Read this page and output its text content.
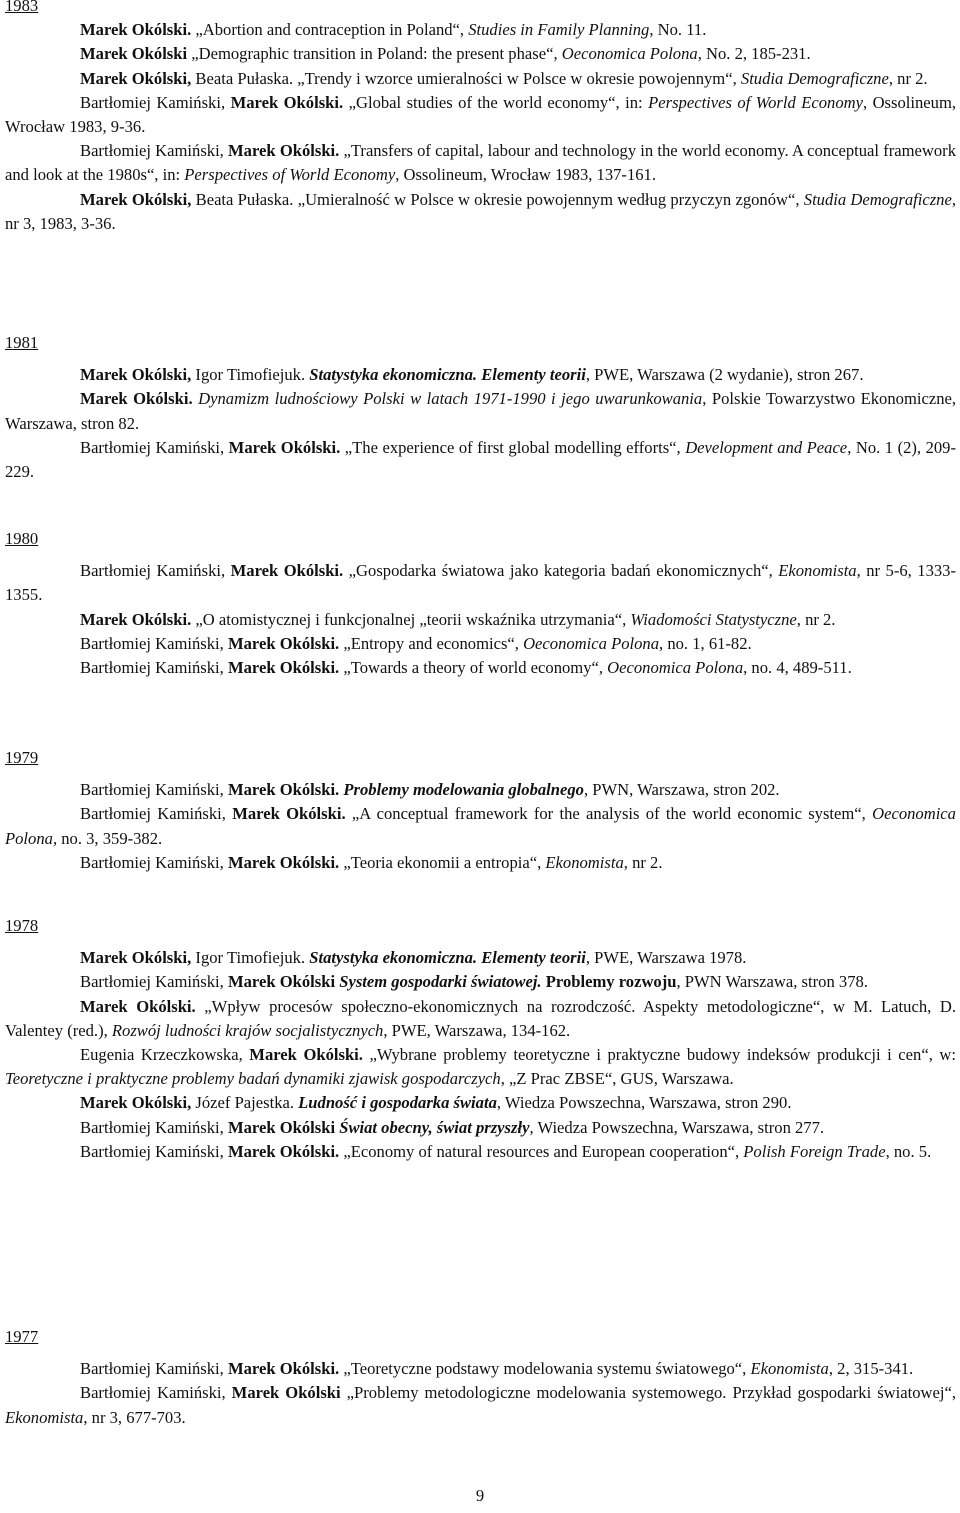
1983

Marek Okólski. „Abortion and contraception in Poland“, Studies in Family Planning, No. 11.

Marek Okólski „Demographic transition in Poland: the present phase“, Oeconomica Polona, No. 2, 185-231.

Marek Okólski, Beata Pułaska. „Trendy i wzorce umieralności w Polsce w okresie powojennym“, Studia Demograficzne, nr 2.

Bartłomiej Kamiński, Marek Okólski. „Global studies of the world economy“, in: Perspectives of World Economy, Ossolineum, Wrocław 1983, 9-36.

Bartłomiej Kamiński, Marek Okólski. „Transfers of capital, labour and technology in the world economy. A conceptual framework and look at the 1980s“, in: Perspectives of World Economy, Ossolineum, Wrocław 1983, 137-161.

Marek Okólski, Beata Pułaska. „Umieralność w Polsce w okresie powojennym według przyczyn zgonów“, Studia Demograficzne, nr 3, 1983, 3-36.

1981

Marek Okólski, Igor Timofiejuk. Statystyka ekonomiczna. Elementy teorii, PWE, Warszawa (2 wydanie), stron 267.

Marek Okólski. Dynamizm ludnościowy Polski w latach 1971-1990 i jego uwarunkowania, Polskie Towarzystwo Ekonomiczne, Warszawa, stron 82.

Bartłomiej Kamiński, Marek Okólski. „The experience of first global modelling efforts“, Development and Peace, No. 1 (2), 209-229.

1980

Bartłomiej Kamiński, Marek Okólski. „Gospodarka światowa jako kategoria badań ekonomicznych“, Ekonomista, nr 5-6, 1333-1355.

Marek Okólski. „O atomistycznej i funkcjonalnej „teorii wskaźnika utrzymania“, Wiadomości Statystyczne, nr 2.

Bartłomiej Kamiński, Marek Okólski. „Entropy and economics“, Oeconomica Polona, no. 1, 61-82.

Bartłomiej Kamiński, Marek Okólski. „Towards a theory of world economy“, Oeconomica Polona, no. 4, 489-511.

1979

Bartłomiej Kamiński, Marek Okólski. Problemy modelowania globalnego, PWN, Warszawa, stron 202.

Bartłomiej Kamiński, Marek Okólski. „A conceptual framework for the analysis of the world economic system“, Oeconomica Polona, no. 3, 359-382.

Bartłomiej Kamiński, Marek Okólski. „Teoria ekonomii a entropia“, Ekonomista, nr 2.

1978

Marek Okólski, Igor Timofiejuk. Statystyka ekonomiczna. Elementy teorii, PWE, Warszawa 1978.

Bartłomiej Kamiński, Marek Okólski System gospodarki światowej. Problemy rozwoju, PWN Warszawa, stron 378.

Marek Okólski. „Wpływ procesów społeczno-ekonomicznych na rozrodczość. Aspekty metodologiczne“, w M. Latuch, D. Valentey (red.), Rozwój ludności krajów socjalistycznych, PWE, Warszawa, 134-162.

Eugenia Krzeczkowska, Marek Okólski. „Wybrane problemy teoretyczne i praktyczne budowy indeksów produkcji i cen“, w: Teoretyczne i praktyczne problemy badań dynamiki zjawisk gospodarczych, „Z Prac ZBSE“, GUS, Warszawa.

Marek Okólski, Józef Pajestka. Ludność i gospodarka świata, Wiedza Powszechna, Warszawa, stron 290.

Bartłomiej Kamiński, Marek Okólski Świat obecny, świat przyszły, Wiedza Powszechna, Warszawa, stron 277.

Bartłomiej Kamiński, Marek Okólski. „Economy of natural resources and European cooperation“, Polish Foreign Trade, no. 5.

1977

Bartłomiej Kamiński, Marek Okólski. „Teoretyczne podstawy modelowania systemu światowego“, Ekonomista, 2, 315-341.

Bartłomiej Kamiński, Marek Okólski „Problemy metodologiczne modelowania systemowego. Przykład gospodarki światowej“, Ekonomista, nr 3, 677-703.

9
